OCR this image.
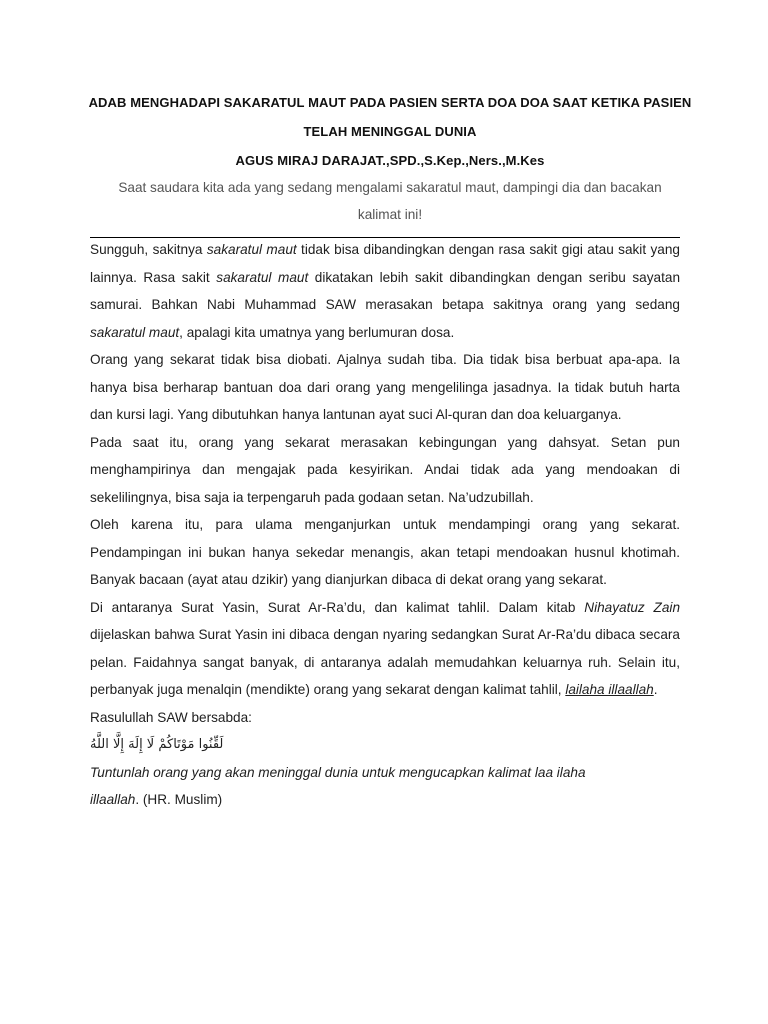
ADAB MENGHADAPI SAKARATUL MAUT PADA PASIEN SERTA DOA DOA SAAT KETIKA PASIEN
TELAH MENINGGAL DUNIA
AGUS MIRAJ DARAJAT.,SPD.,S.Kep.,Ners.,M.Kes
Saat saudara kita ada yang sedang mengalami sakaratul maut, dampingi dia dan bacakan
kalimat ini!

Sungguh, sakitnya sakaratul maut tidak bisa dibandingkan dengan rasa sakit gigi atau sakit yang lainnya. Rasa sakit sakaratul maut dikatakan lebih sakit dibandingkan dengan seribu sayatan samurai. Bahkan Nabi Muhammad SAW merasakan betapa sakitnya orang yang sedang sakaratul maut, apalagi kita umatnya yang berlumuran dosa.

Orang yang sekarat tidak bisa diobati. Ajalnya sudah tiba. Dia tidak bisa berbuat apa-apa. Ia hanya bisa berharap bantuan doa dari orang yang mengelilinga jasadnya. Ia tidak butuh harta dan kursi lagi. Yang dibutuhkan hanya lantunan ayat suci Al-quran dan doa keluarganya.

Pada saat itu, orang yang sekarat merasakan kebingungan yang dahsyat. Setan pun menghampirinya dan mengajak pada kesyirikan. Andai tidak ada yang mendoakan di sekelilingnya, bisa saja ia terpengaruh pada godaan setan. Na’udzubillah.

Oleh karena itu, para ulama menganjurkan untuk mendampingi orang yang sekarat. Pendampingan ini bukan hanya sekedar menangis, akan tetapi mendoakan husnul khotimah. Banyak bacaan (ayat atau dzikir) yang dianjurkan dibaca di dekat orang yang sekarat.

Di antaranya Surat Yasin, Surat Ar-Ra’du, dan kalimat tahlil. Dalam kitab Nihayatuz Zain dijelaskan bahwa Surat Yasin ini dibaca dengan nyaring sedangkan Surat Ar-Ra’du dibaca secara pelan. Faidahnya sangat banyak, di antaranya adalah memudahkan keluarnya ruh. Selain itu, perbanyak juga menalqin (mendikte) orang yang sekarat dengan kalimat tahlil, lailaha illaallah.

Rasulullah SAW bersabda:

لَقِّنُوا مَوْتَاكُمْ لَا إِلَهَ إِلَّا اللَّهُ

Tuntunlah orang yang akan meninggal dunia untuk mengucapkan kalimat laa ilaha
illaallah. (HR. Muslim)
